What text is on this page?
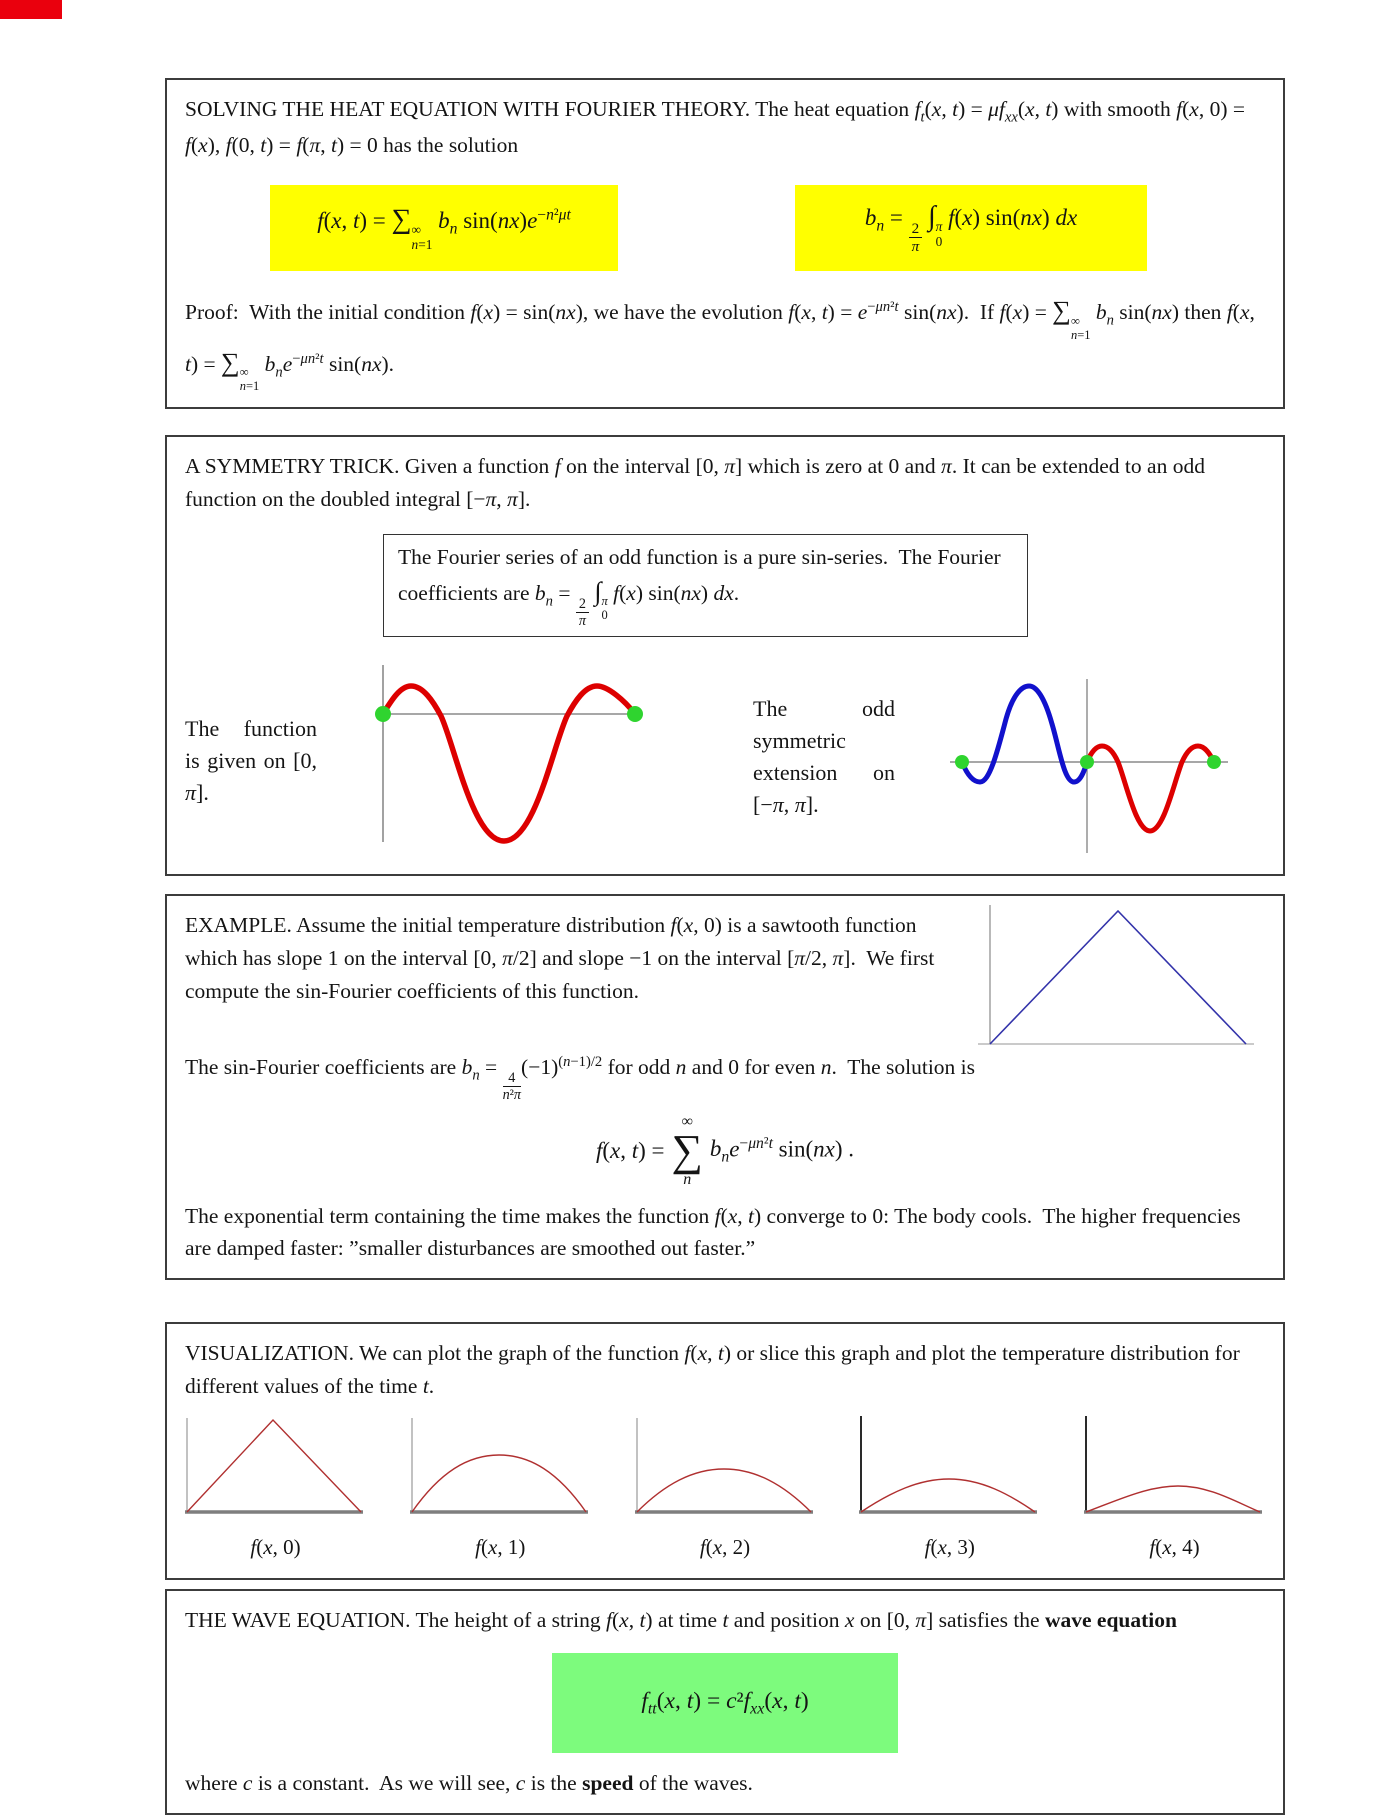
SOLVING THE HEAT EQUATION WITH FOURIER THEORY. The heat equation $f_t(x$, $t) = \mu f_{xx}(x$, t) with smooth f(x, 0) = f(x), f(0, t) = f(π, t) = 0 has the solution

f(x, t) = ∑ ∞
n=1
$b_n$ $\sin(nx)e^{-n^2\mu t}$	$b_n$ =
$\frac{2}{\pi}$
∫ π
0
f(x) sin(nx) dx

Proof:  With the initial condition f(x) = sin(nx), we have the evolution f(x, $t) = e^{-\mu n^2t}$ sin(nx).  If f(x) = ∑ ∞
n=1
$b_n$ sin(nx) then f(x, t) = ∑ ∞
n=1
$b_ne^{-\mu n^2t}$ sin(nx).

A SYMMETRY TRICK. Given a function f on the interval [0, π] which is zero at 0 and π. It can be extended to an odd function on the doubled integral [−π, π].

The Fourier series of an odd function is a pure sin-series.  The Fourier coefficients are $b_n$ =
$\frac{2}{\pi}$
∫ π
0
f(x) sin(nx) dx.
The function is given on [0, π].
The odd symmetric extension on [−π, π].

EXAMPLE. Assume the initial temperature distribution f(x, 0) is a sawtooth function which has slope 1 on the interval [0, π/2] and slope −1 on the interval [π/2, π].  We first compute the sin-Fourier coefficients of this function.

The sin-Fourier coefficients are $b_n$ =
$\frac{4}{\text{n²π}}$
$(-1)^{(n-1)/2}$ for odd n and 0 for even n.  The solution is

f(x, t) =
∞
∑
n
$b_ne^{-\mu n^2t}$ sin(nx) .

The exponential term containing the time makes the function f(x, t) converge to 0: The body cools.  The higher frequencies are damped faster: ”smaller disturbances are smoothed out faster.”

VISUALIZATION. We can plot the graph of the function f(x, t) or slice this graph and plot the temperature distribution for different values of the time t.

f(x, 0)	f(x, 1)	f(x, 2)	f(x, 3)	f(x, 4)

THE WAVE EQUATION. The height of a string f(x, t) at time t and position x on [0, π] satisfies the wave equation

$f_{tt}(x$, $t) = c^2f_{xx}(x$, t)

where c is a constant.  As we will see, c is the speed of the waves.
